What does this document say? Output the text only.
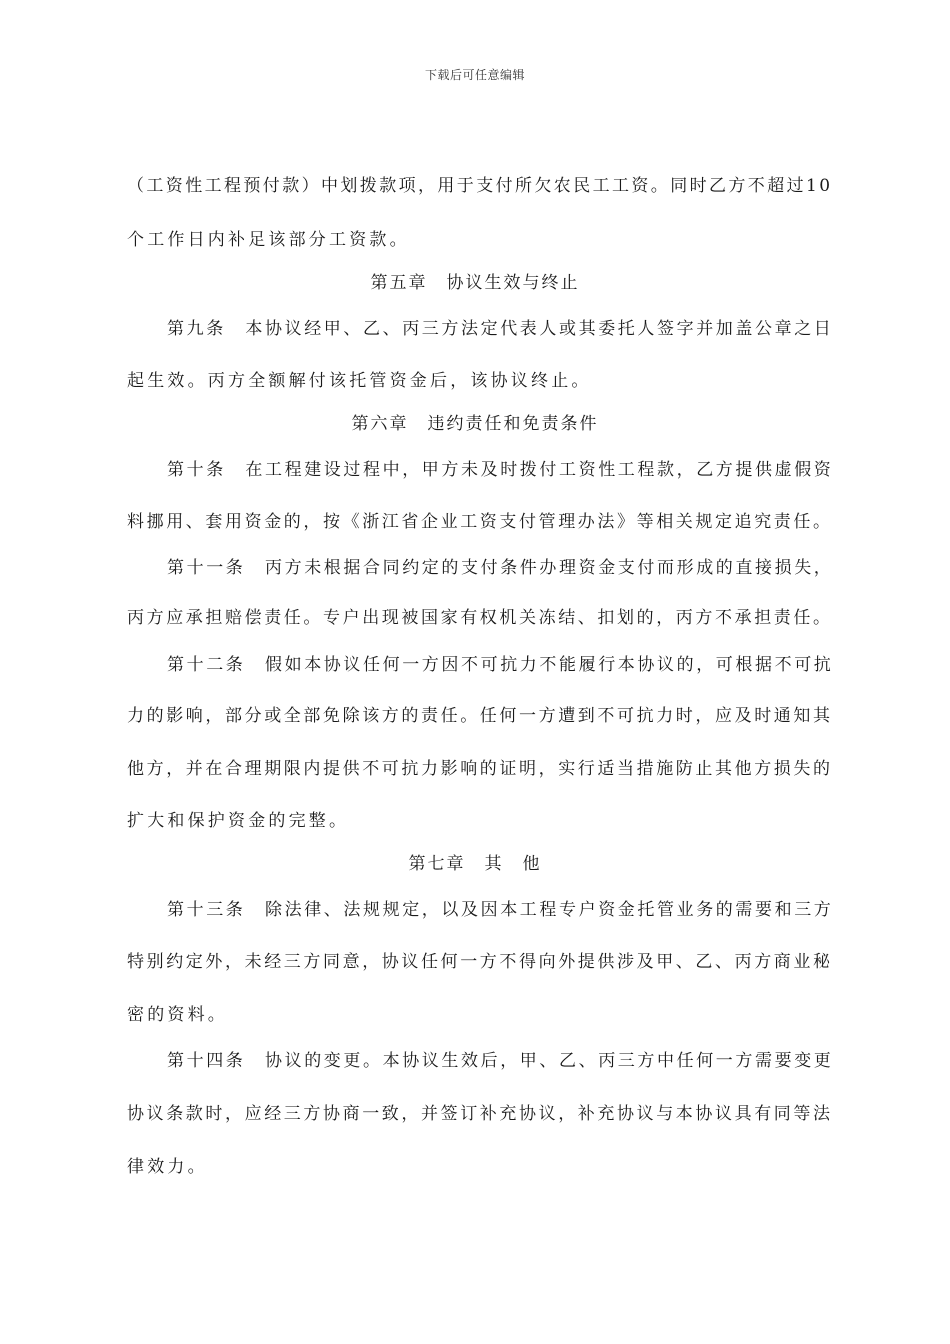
下载后可任意编辑
（工资性工程预付款）中划拨款项，用于支付所欠农民工工资。同时乙方不超过10
个工作日内补足该部分工资款。
第五章　协议生效与终止
第九条　本协议经甲、乙、丙三方法定代表人或其委托人签字并加盖公章之日
起生效。丙方全额解付该托管资金后，该协议终止。
第六章　违约责任和免责条件
第十条　在工程建设过程中，甲方未及时拨付工资性工程款，乙方提供虚假资
料挪用、套用资金的，按《浙江省企业工资支付管理办法》等相关规定追究责任。
第十一条　丙方未根据合同约定的支付条件办理资金支付而形成的直接损失，
丙方应承担赔偿责任。专户出现被国家有权机关冻结、扣划的，丙方不承担责任。
第十二条　假如本协议任何一方因不可抗力不能履行本协议的，可根据不可抗
力的影响，部分或全部免除该方的责任。任何一方遭到不可抗力时，应及时通知其
他方，并在合理期限内提供不可抗力影响的证明，实行适当措施防止其他方损失的
扩大和保护资金的完整。
第七章　其　他
第十三条　除法律、法规规定，以及因本工程专户资金托管业务的需要和三方
特别约定外，未经三方同意，协议任何一方不得向外提供涉及甲、乙、丙方商业秘
密的资料。
第十四条　协议的变更。本协议生效后，甲、乙、丙三方中任何一方需要变更
协议条款时，应经三方协商一致，并签订补充协议，补充协议与本协议具有同等法
律效力。
